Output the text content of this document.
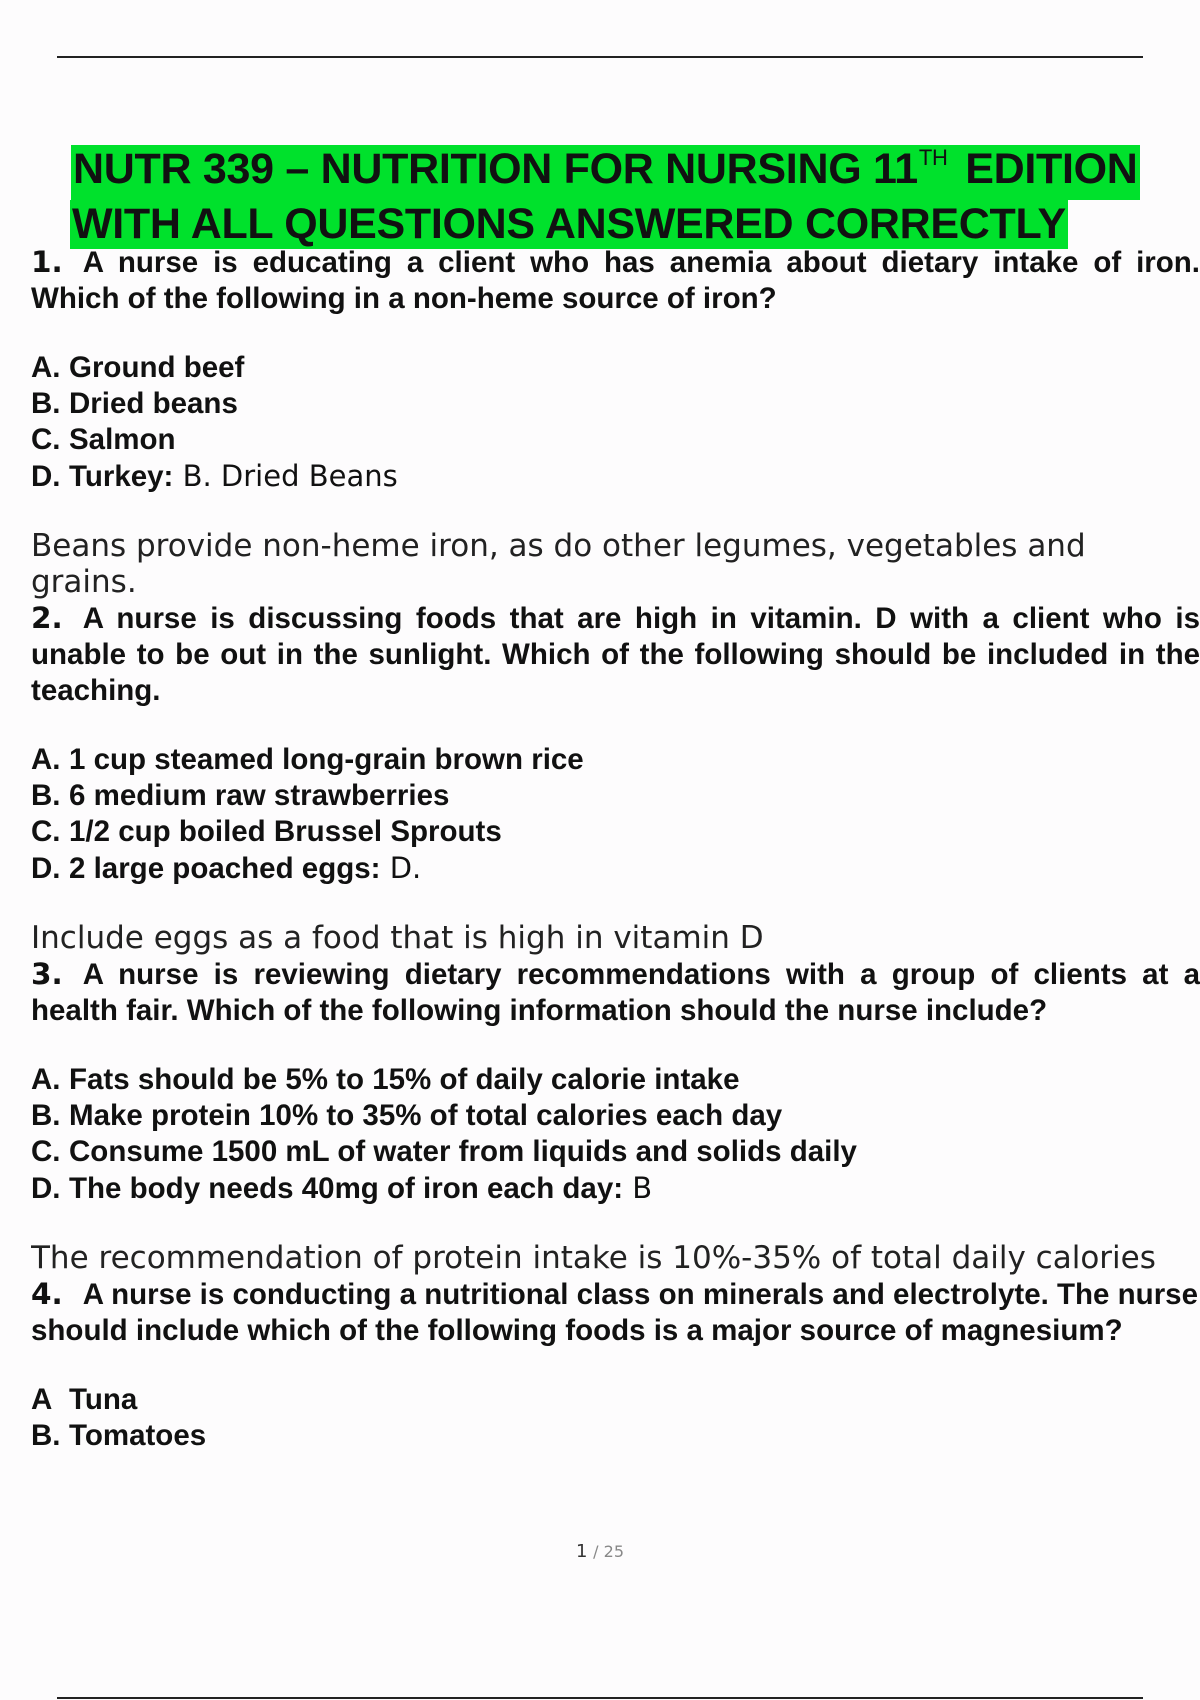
NUTR 339 – NUTRITION FOR NURSING 11TH EDITION
WITH ALL QUESTIONS ANSWERED CORRECTLY

1. A nurse is educating a client who has anemia about dietary intake of iron. Which of the following in a non-heme source of iron?

A. Ground beef
B. Dried beans
C. Salmon
D. Turkey: B. Dried Beans

Beans provide non-heme iron, as do other legumes, vegetables and grains.

2. A nurse is discussing foods that are high in vitamin. D with a client who is unable to be out in the sunlight. Which of the following should be included in the teaching.

A. 1 cup steamed long-grain brown rice
B. 6 medium raw strawberries
C. 1/2 cup boiled Brussel Sprouts
D. 2 large poached eggs: D.

Include eggs as a food that is high in vitamin D

3. A nurse is reviewing dietary recommendations with a group of clients at a health fair. Which of the following information should the nurse include?

A. Fats should be 5% to 15% of daily calorie intake
B. Make protein 10% to 35% of total calories each day
C. Consume 1500 mL of water from liquids and solids daily
D. The body needs 40mg of iron each day: B

The recommendation of protein intake is 10%-35% of total daily calories

4. A nurse is conducting a nutritional class on minerals and electrolyte. The nurse should include which of the following foods is a major source of magnesium?

A Tuna
B. Tomatoes
1 / 25
